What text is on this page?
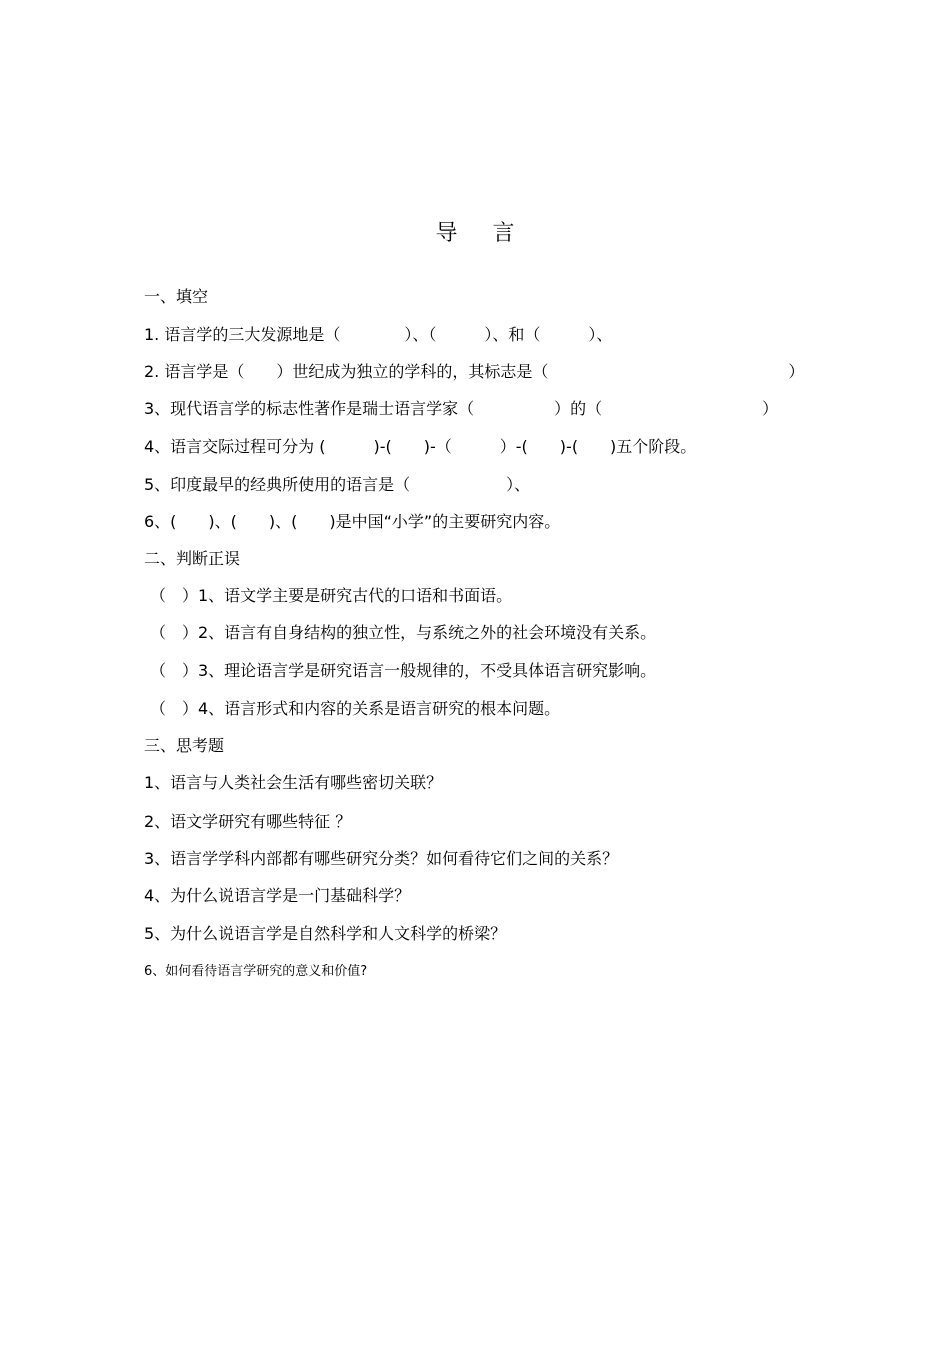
导 言
一、填空
1. 语言学的三大发源地是（　　　　）、（　　　）、和（　　　）、
2. 语言学是（　　）世纪成为独立的学科的，其标志是（　　　　　　　　　　　　　　　）
3、现代语言学的标志性著作是瑞士语言学家（　　　　　）的（　　　　　　　　　　）
4、语言交际过程可分为 (　　　)-(　　)-（　　　）-(　　)-(　　)五个阶段。
5、印度最早的经典所使用的语言是（　　　　　　）、
6、(　　)、(　　)、(　　)是中国“小学”的主要研究内容。
二、判断正误
（　）1、语文学主要是研究古代的口语和书面语。
（　）2、语言有自身结构的独立性，与系统之外的社会环境没有关系。
（　）3、理论语言学是研究语言一般规律的，不受具体语言研究影响。
（　）4、语言形式和内容的关系是语言研究的根本问题。
三、思考题
1、语言与人类社会生活有哪些密切关联？
2、语文学研究有哪些特征 ？
3、语言学学科内部都有哪些研究分类？如何看待它们之间的关系？
4、为什么说语言学是一门基础科学？
5、为什么说语言学是自然科学和人文科学的桥梁？
6、如何看待语言学研究的意义和价值?
